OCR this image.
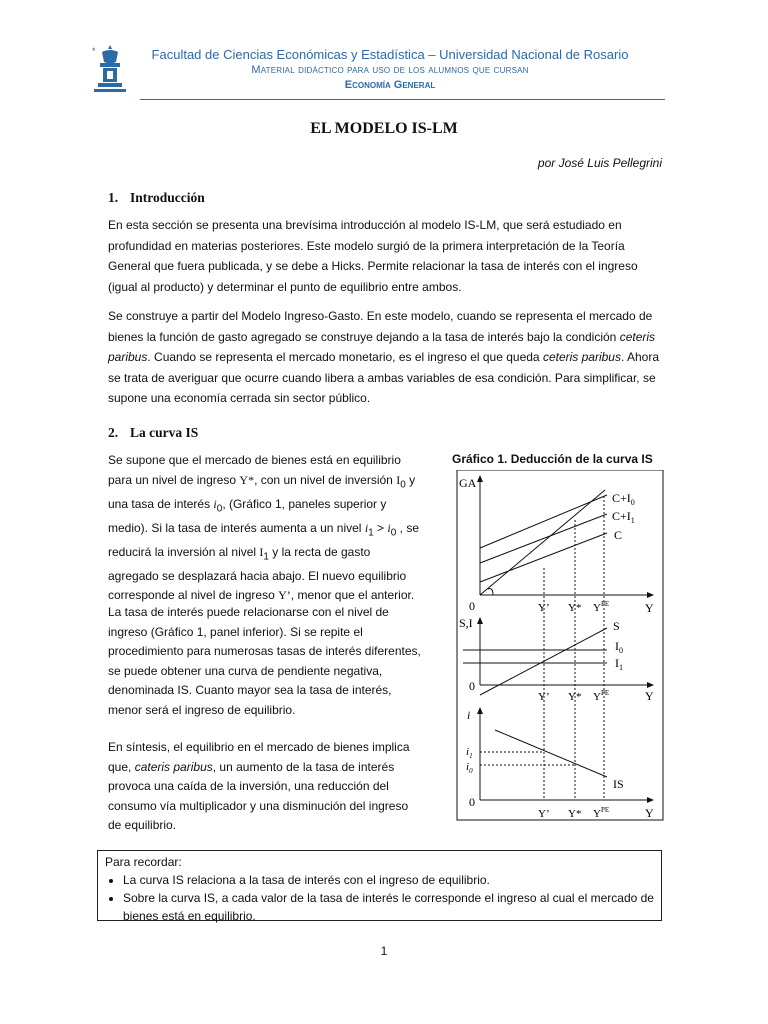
*	Facultad de Ciencias Económicas y Estadística – Universidad Nacional de Rosario
Material didáctico para uso de los alumnos que cursan
Economía General
EL MODELO IS-LM
por José Luis Pellegrini
1. Introducción
En esta sección se presenta una brevísima introducción al modelo IS-LM, que será estudiado en profundidad en materias posteriores. Este modelo surgió de la primera interpretación de la Teoría General que fuera publicada, y se debe a Hicks. Permite relacionar la tasa de interés con el ingreso (igual al producto) y determinar el punto de equilibrio entre ambos.
Se construye a partir del Modelo Ingreso-Gasto. En este modelo, cuando se representa el mercado de bienes la función de gasto agregado se construye dejando a la tasa de interés bajo la condición ceteris paribus. Cuando se representa el mercado monetario, es el ingreso el que queda ceteris paribus. Ahora se trata de averiguar que ocurre cuando libera a ambas variables de esa condición. Para simplificar, se supone una economía cerrada sin sector público.
2. La curva IS
Se supone que el mercado de bienes está en equilibrio para un nivel de ingreso Y*, con un nivel de inversión $I_0$ y una tasa de interés $i_0$, (Gráfico 1, paneles superior y medio). Si la tasa de interés aumenta a un nivel $i_1 > i_0$ , se reducirá la inversión al nivel $I_1$ y la recta de gasto agregado se desplazará hacia abajo. El nuevo equilibrio corresponde al nivel de ingreso Y’, menor que el anterior.
La tasa de interés puede relacionarse con el nivel de ingreso (Gráfico 1, panel inferior). Si se repite el procedimiento para numerosas tasas de interés diferentes, se puede obtener una curva de pendiente negativa, denominada IS. Cuanto mayor sea la tasa de interés, menor será el ingreso de equilibrio.
En síntesis, el equilibrio en el mercado de bienes implica que, cateris paribus, un aumento de la tasa de interés provoca una caída de la inversión, una reducción del consumo vía multiplicador y una disminución del ingreso de equilibrio.
Gráfico 1. Deducción de la curva IS
GA
0	Y
$C+I_0$
$C+I_1$
C
Y’ Y* $Y^{PE}$
S,I
0
Y
S
$I_0$
$I_1$
Y’ Y* $Y^{PE}$
i
$i_1$
$i_0$
0
Y
IS
Y’ Y* $Y^{PE}$
Para recordar:
• La curva IS relaciona a la tasa de interés con el ingreso de equilibrio.
• Sobre la curva IS, a cada valor de la tasa de interés le corresponde el ingreso al cual el mercado de bienes está en equilibrio.
1
